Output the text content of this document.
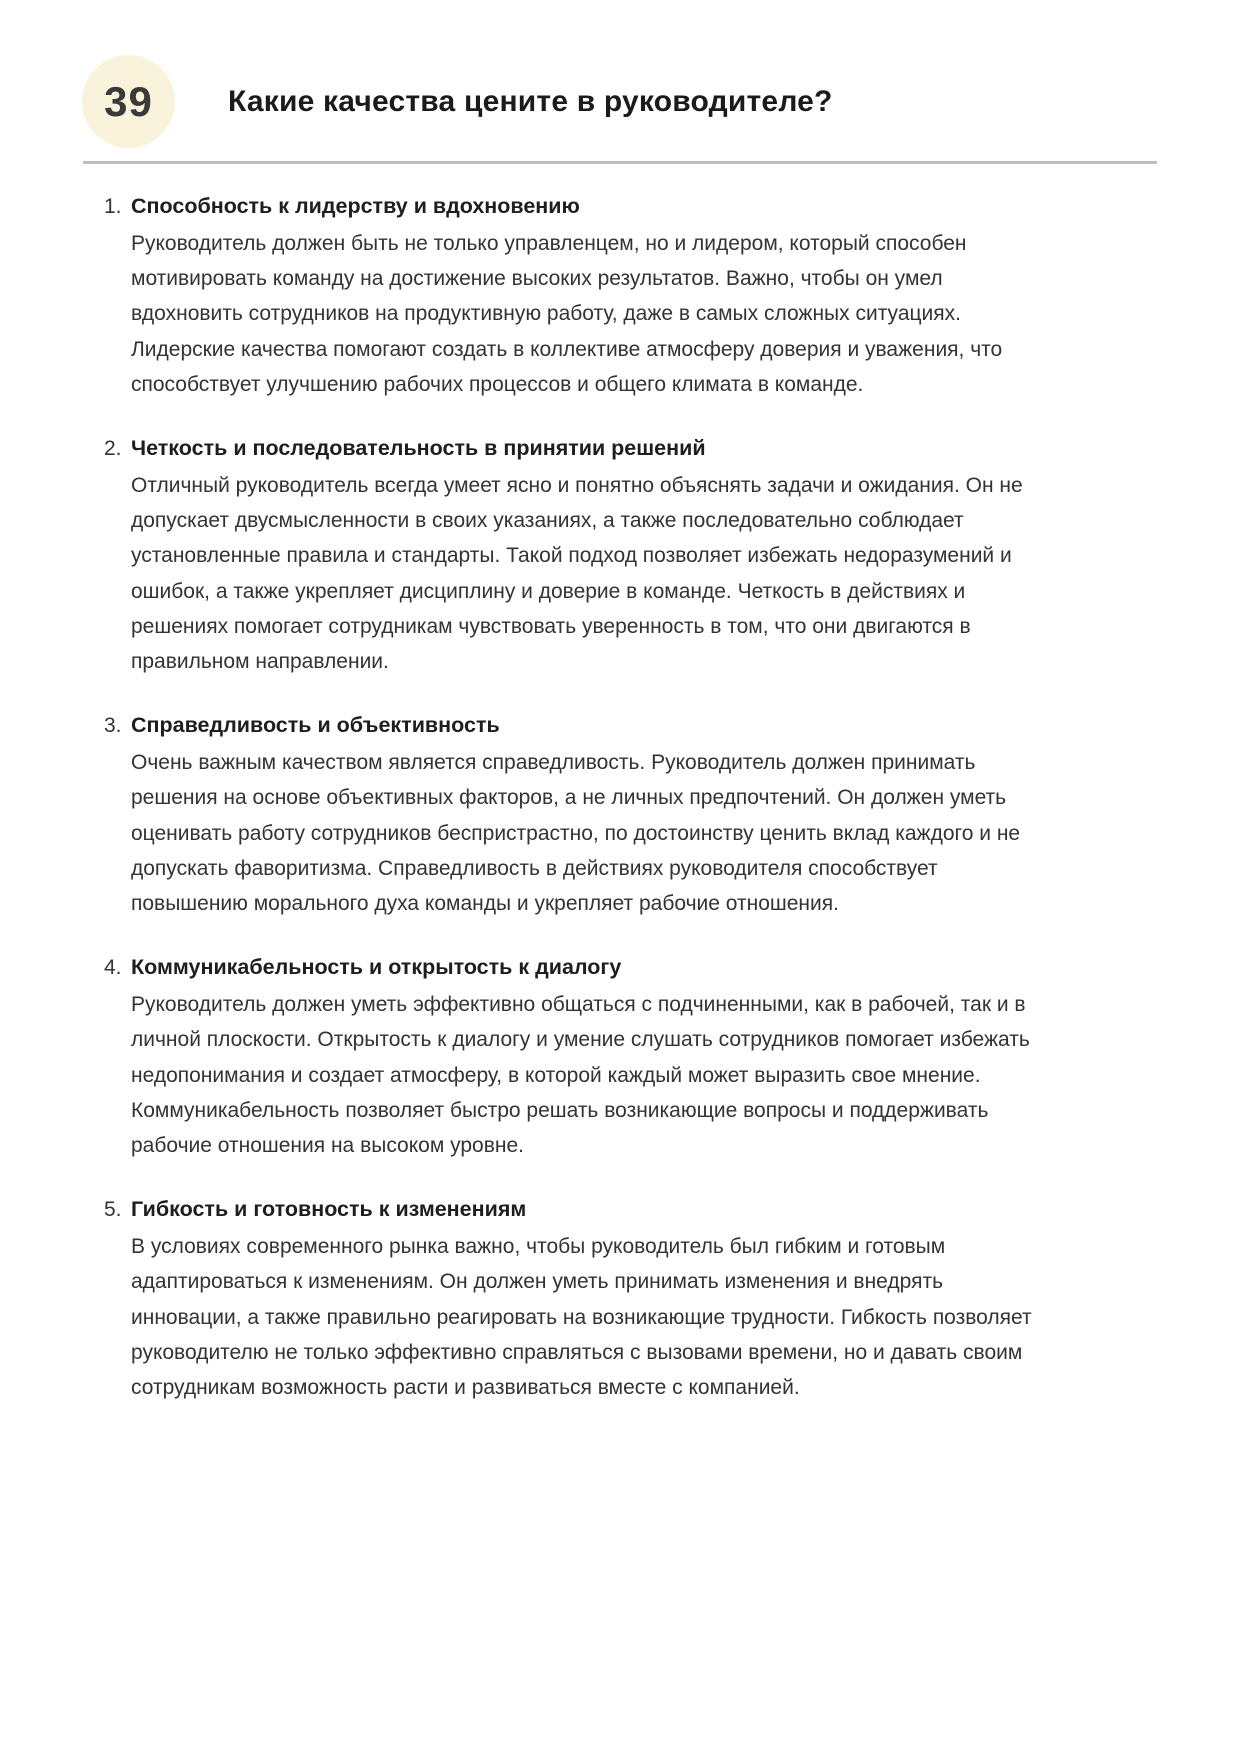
39	Какие качества цените в руководителе?
1. Способность к лидерству и вдохновению

Руководитель должен быть не только управленцем, но и лидером, который способен мотивировать команду на достижение высоких результатов. Важно, чтобы он умел вдохновить сотрудников на продуктивную работу, даже в самых сложных ситуациях. Лидерские качества помогают создать в коллективе атмосферу доверия и уважения, что способствует улучшению рабочих процессов и общего климата в команде.

2. Четкость и последовательность в принятии решений

Отличный руководитель всегда умеет ясно и понятно объяснять задачи и ожидания. Он не допускает двусмысленности в своих указаниях, а также последовательно соблюдает установленные правила и стандарты. Такой подход позволяет избежать недоразумений и ошибок, а также укрепляет дисциплину и доверие в команде. Четкость в действиях и решениях помогает сотрудникам чувствовать уверенность в том, что они двигаются в правильном направлении.

3. Справедливость и объективность

Очень важным качеством является справедливость. Руководитель должен принимать решения на основе объективных факторов, а не личных предпочтений. Он должен уметь оценивать работу сотрудников беспристрастно, по достоинству ценить вклад каждого и не допускать фаворитизма. Справедливость в действиях руководителя способствует повышению морального духа команды и укрепляет рабочие отношения.

4. Коммуникабельность и открытость к диалогу

Руководитель должен уметь эффективно общаться с подчиненными, как в рабочей, так и в личной плоскости. Открытость к диалогу и умение слушать сотрудников помогает избежать недопонимания и создает атмосферу, в которой каждый может выразить свое мнение. Коммуникабельность позволяет быстро решать возникающие вопросы и поддерживать рабочие отношения на высоком уровне.

5. Гибкость и готовность к изменениям

В условиях современного рынка важно, чтобы руководитель был гибким и готовым адаптироваться к изменениям. Он должен уметь принимать изменения и внедрять инновации, а также правильно реагировать на возникающие трудности. Гибкость позволяет руководителю не только эффективно справляться с вызовами времени, но и давать своим сотрудникам возможность расти и развиваться вместе с компанией.
